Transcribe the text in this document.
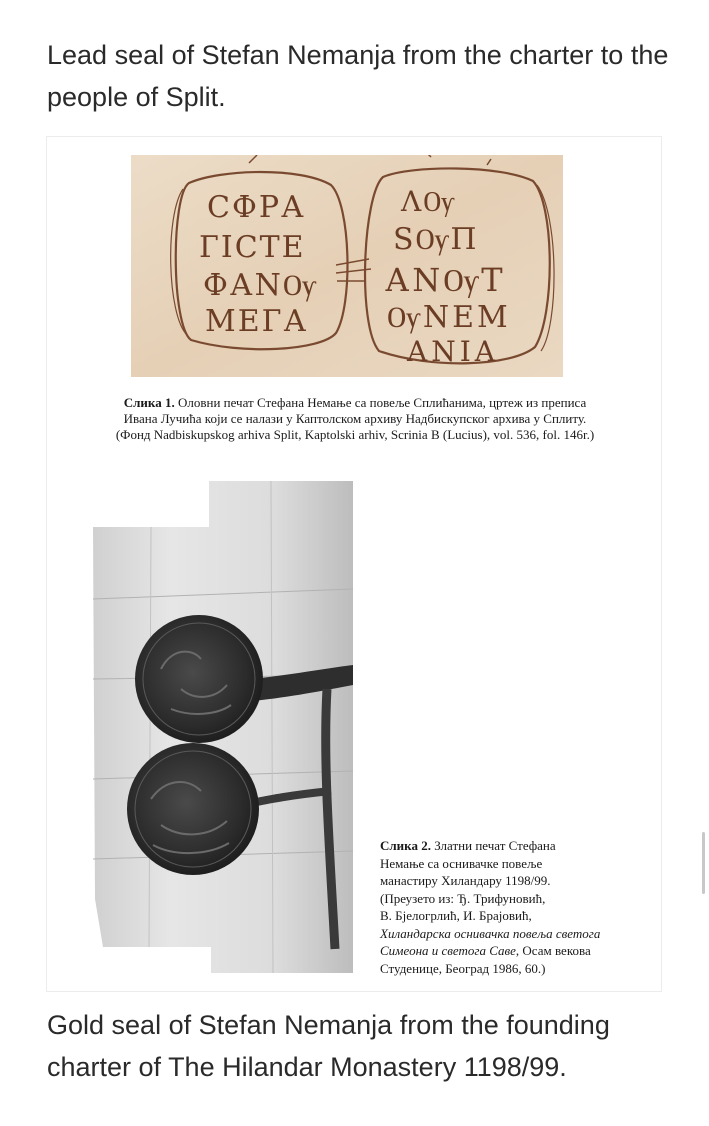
Lead seal of Stefan Nemanja from the charter to the people of Split.

СФРА
ГІСТЕ
ФАNѸ
МЕГА
ΛѸ
ЅѸП
АNѸТ
ѸNЕМ
ANIA
Слика 1. Оловни печат Стефана Немање са повеље Сплићанима, цртеж из преписа
Ивана Лучића који се налази у Каптолском архиву Надбискупског архива у Сплиту.
(Фонд Nadbiskupskog arhiva Split, Kaptolski arhiv, Scrinia B (Lucius), vol. 536, fol. 146r.)
Слика 2. Златни печат Стефана
Немање са оснивачке повеље
манастиру Хиландару 1198/99.
(Преузето из: Ђ. Трифуновић,
В. Бјелогрлић, И. Брајовић,
Хиландарска оснивачка повеља светога
Симеона и светога Саве, Осам векова
Студенице, Београд 1986, 60.)

Gold seal of Stefan Nemanja from the founding charter of The Hilandar Monastery 1198/99.
